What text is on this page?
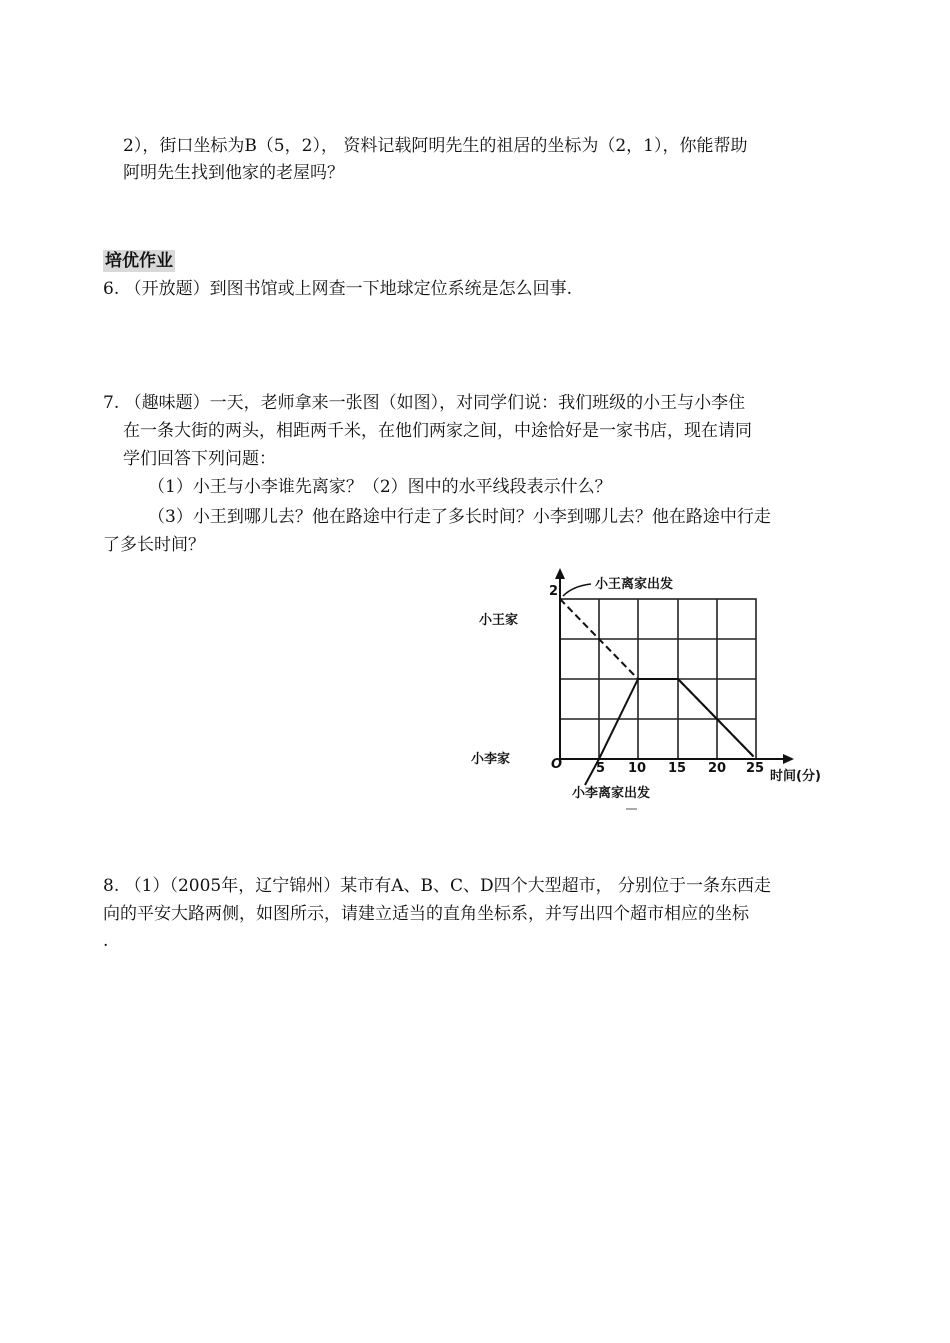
2），街口坐标为B（5，2）， 资料记载阿明先生的祖居的坐标为（2，1），你能帮助
阿明先生找到他家的老屋吗？
培优作业
6. （开放题）到图书馆或上网查一下地球定位系统是怎么回事.
7. （趣味题）一天，老师拿来一张图（如图），对同学们说：我们班级的小王与小李住
在一条大街的两头，相距两千米，在他们两家之间，中途恰好是一家书店，现在请同
学们回答下列问题：
（1）小王与小李谁先离家？（2）图中的水平线段表示什么？
（3）小王到哪儿去？他在路途中行走了多长时间？小李到哪儿去？他在路途中行走
了多长时间？
小王离家出发
2
小王家
小李家	O	5 10 15 20 25
时间(分)
小李离家出发
8. （1）（2005年，辽宁锦州）某市有A、B、C、D四个大型超市， 分别位于一条东西走
向的平安大路两侧，如图所示，请建立适当的直角坐标系，并写出四个超市相应的坐标
.
